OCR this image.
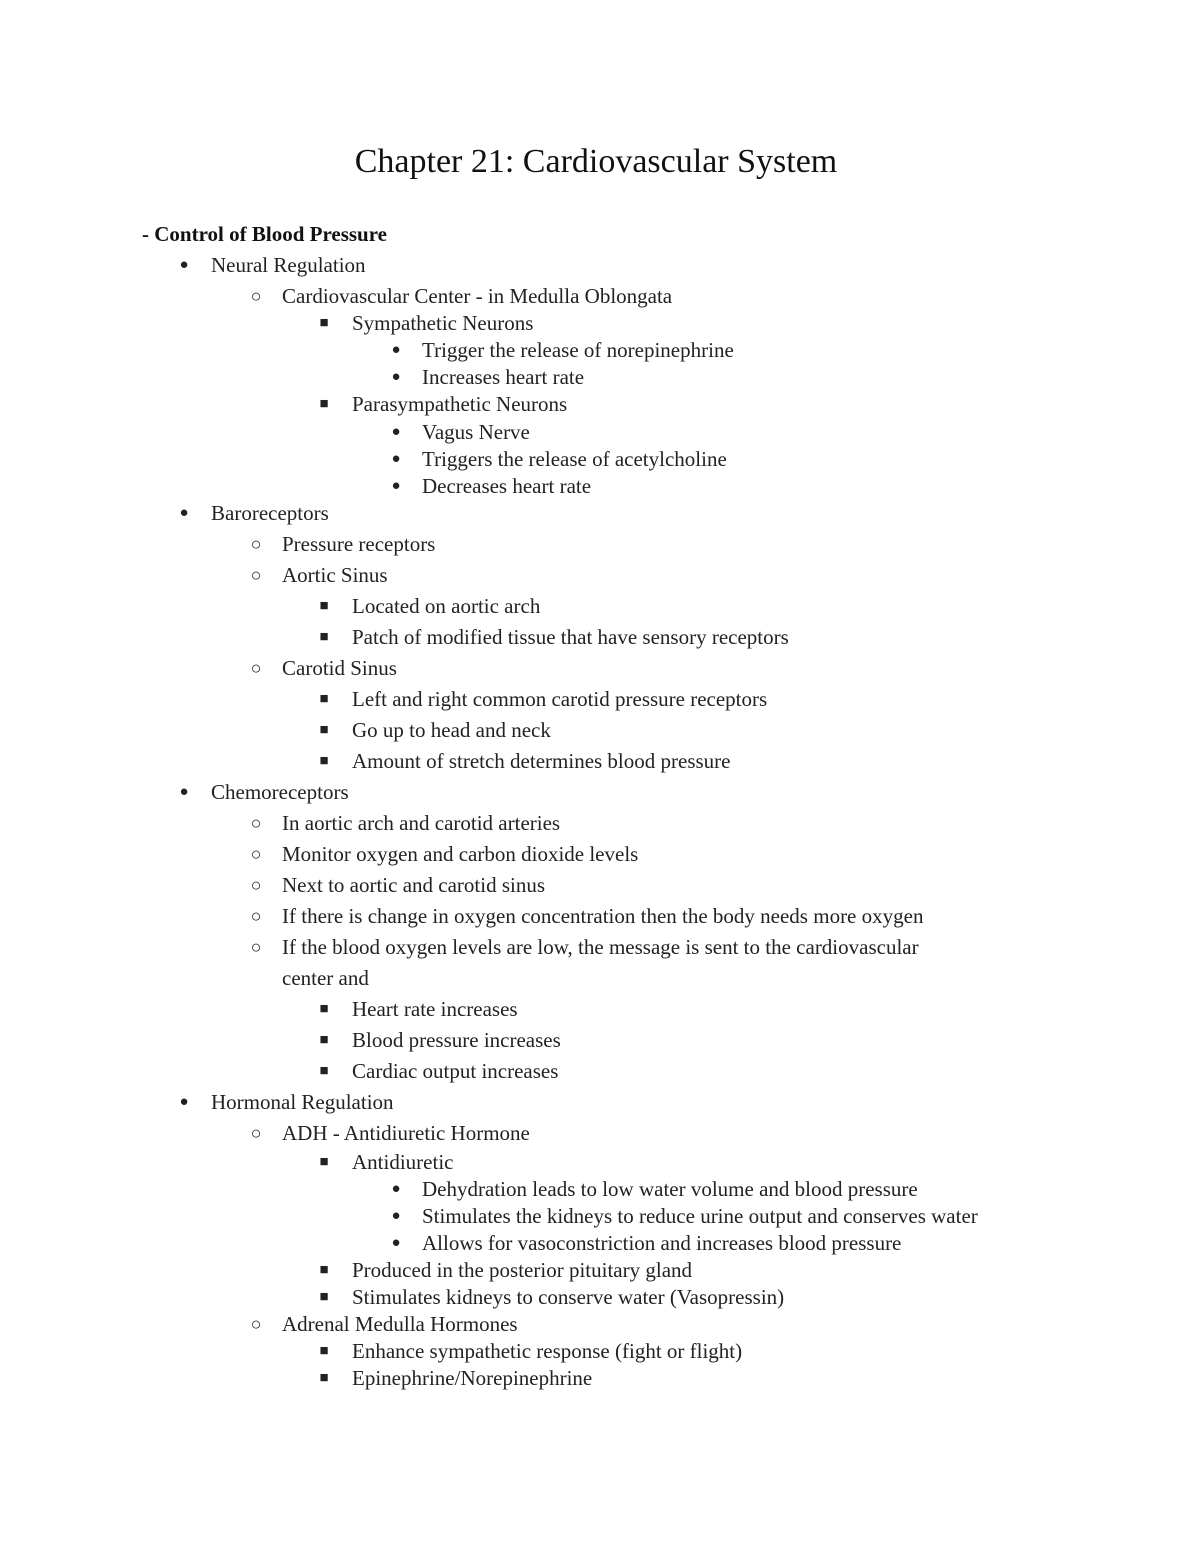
Chapter 21: Cardiovascular System
- Control of Blood Pressure
● Neural Regulation
○ Cardiovascular Center - in Medulla Oblongata
■ Sympathetic Neurons
● Trigger the release of norepinephrine
● Increases heart rate
■ Parasympathetic Neurons
● Vagus Nerve
● Triggers the release of acetylcholine
● Decreases heart rate
● Baroreceptors
○ Pressure receptors
○ Aortic Sinus
■ Located on aortic arch
■ Patch of modified tissue that have sensory receptors
○ Carotid Sinus
■ Left and right common carotid pressure receptors
■ Go up to head and neck
■ Amount of stretch determines blood pressure
● Chemoreceptors
○ In aortic arch and carotid arteries
○ Monitor oxygen and carbon dioxide levels
○ Next to aortic and carotid sinus
○ If there is change in oxygen concentration then the body needs more oxygen
○ If the blood oxygen levels are low, the message is sent to the cardiovascular
center and
■ Heart rate increases
■ Blood pressure increases
■ Cardiac output increases
● Hormonal Regulation
○ ADH - Antidiuretic Hormone
■ Antidiuretic
● Dehydration leads to low water volume and blood pressure
● Stimulates the kidneys to reduce urine output and conserves water
● Allows for vasoconstriction and increases blood pressure
■ Produced in the posterior pituitary gland
■ Stimulates kidneys to conserve water (Vasopressin)
○ Adrenal Medulla Hormones
■ Enhance sympathetic response (fight or flight)
■ Epinephrine/Norepinephrine
